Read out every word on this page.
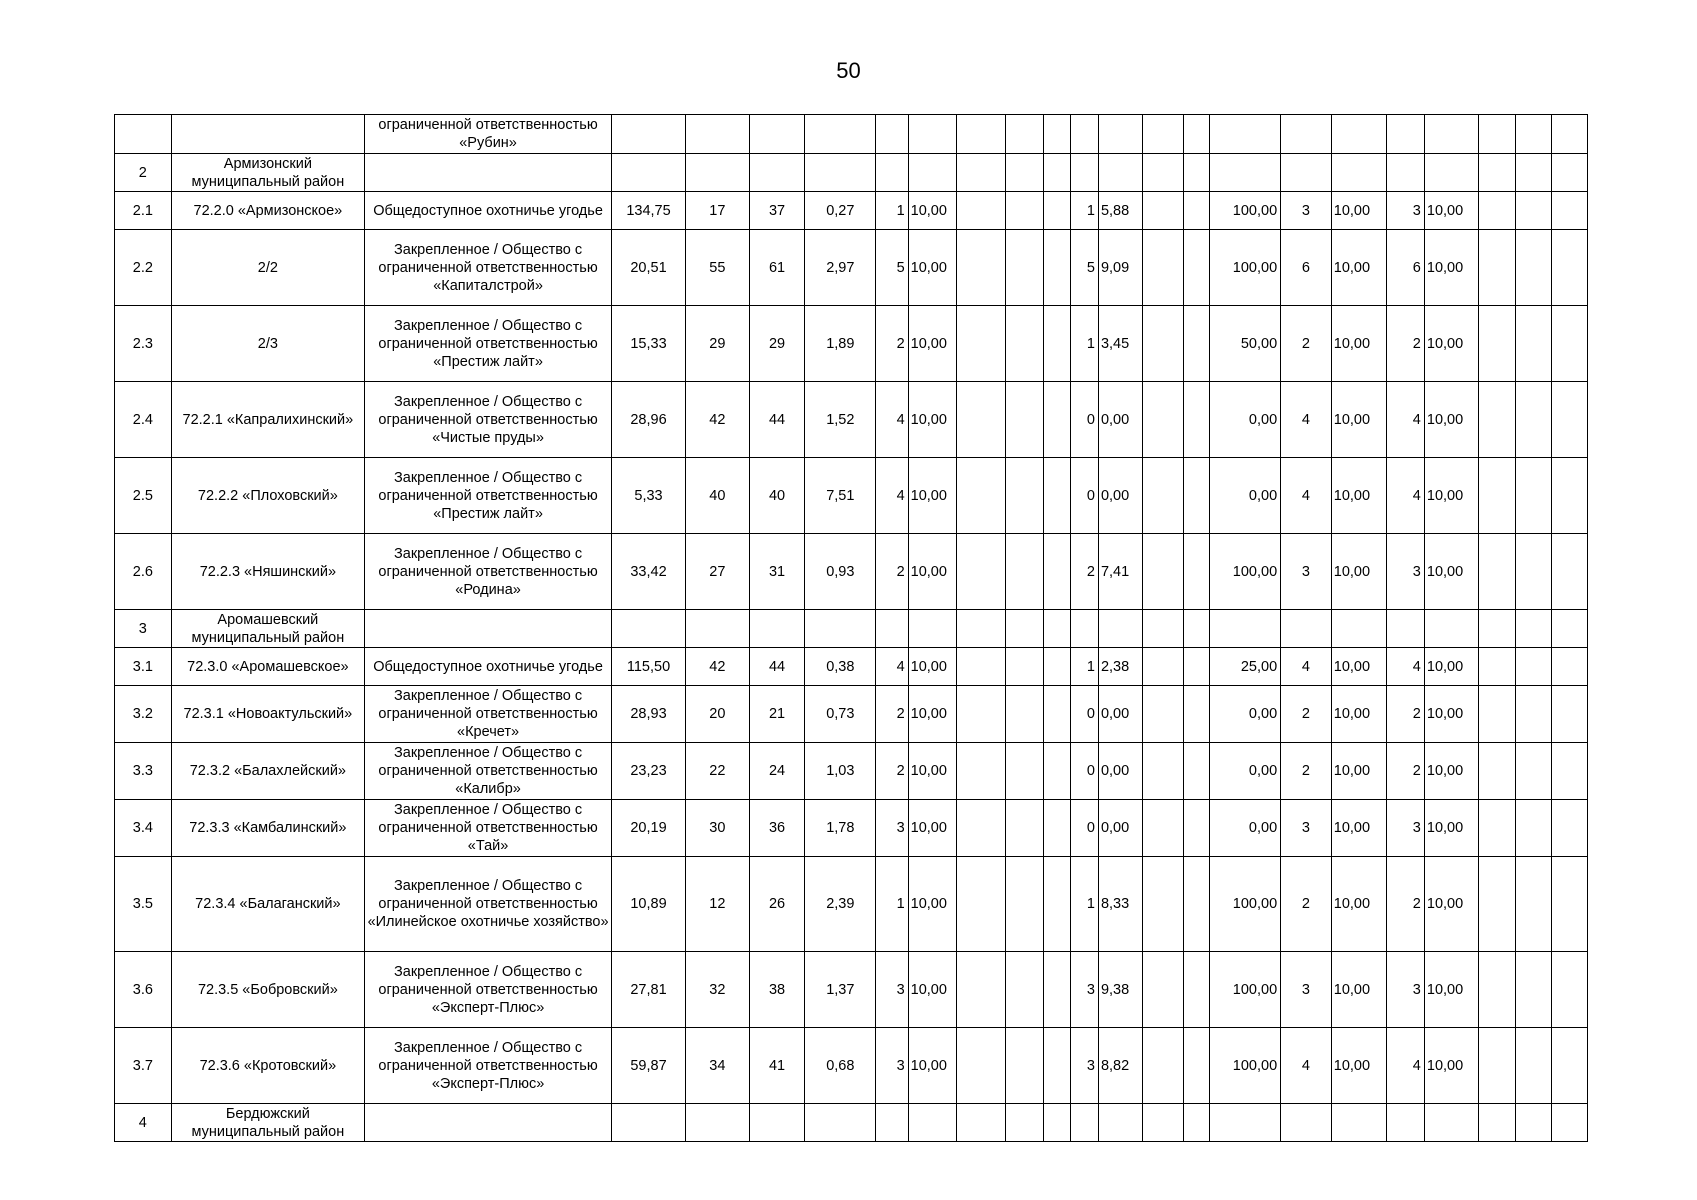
50
		ограниченной ответственностью «Рубин»																					
2	Армизонский муниципальный район																						
2.1	72.2.0 «Армизонское»	Общедоступное охотничье угодье	134,75	17	37	0,27	1	10,00				1	5,88			100,00	3	10,00	3	10,00			
2.2	2/2	Закрепленное / Общество с ограниченной ответственностью «Капиталстрой»	20,51	55	61	2,97	5	10,00				5	9,09			100,00	6	10,00	6	10,00			
2.3	2/3	Закрепленное / Общество с ограниченной ответственностью «Престиж лайт»	15,33	29	29	1,89	2	10,00				1	3,45			50,00	2	10,00	2	10,00			
2.4	72.2.1 «Капралихинский»	Закрепленное / Общество с ограниченной ответственностью «Чистые пруды»	28,96	42	44	1,52	4	10,00				0	0,00			0,00	4	10,00	4	10,00			
2.5	72.2.2 «Плоховский»	Закрепленное / Общество с ограниченной ответственностью «Престиж лайт»	5,33	40	40	7,51	4	10,00				0	0,00			0,00	4	10,00	4	10,00			
2.6	72.2.3 «Няшинский»	Закрепленное / Общество с ограниченной ответственностью «Родина»	33,42	27	31	0,93	2	10,00				2	7,41			100,00	3	10,00	3	10,00			
3	Аромашевский муниципальный район																						
3.1	72.3.0 «Аромашевское»	Общедоступное охотничье угодье	115,50	42	44	0,38	4	10,00				1	2,38			25,00	4	10,00	4	10,00			
3.2	72.3.1 «Новоактульский»	Закрепленное / Общество с ограниченной ответственностью «Кречет»	28,93	20	21	0,73	2	10,00				0	0,00			0,00	2	10,00	2	10,00			
3.3	72.3.2 «Балахлейский»	Закрепленное / Общество с ограниченной ответственностью «Калибр»	23,23	22	24	1,03	2	10,00				0	0,00			0,00	2	10,00	2	10,00			
3.4	72.3.3 «Камбалинский»	Закрепленное / Общество с ограниченной ответственностью «Тай»	20,19	30	36	1,78	3	10,00				0	0,00			0,00	3	10,00	3	10,00			
3.5	72.3.4 «Балаганский»	Закрепленное / Общество с ограниченной ответственностью «Илинейское охотничье хозяйство»	10,89	12	26	2,39	1	10,00				1	8,33			100,00	2	10,00	2	10,00			
3.6	72.3.5 «Бобровский»	Закрепленное / Общество с ограниченной ответственностью «Эксперт-Плюс»	27,81	32	38	1,37	3	10,00				3	9,38			100,00	3	10,00	3	10,00			
3.7	72.3.6 «Кротовский»	Закрепленное / Общество с ограниченной ответственностью «Эксперт-Плюс»	59,87	34	41	0,68	3	10,00				3	8,82			100,00	4	10,00	4	10,00			
4	Бердюжский муниципальный район																						
